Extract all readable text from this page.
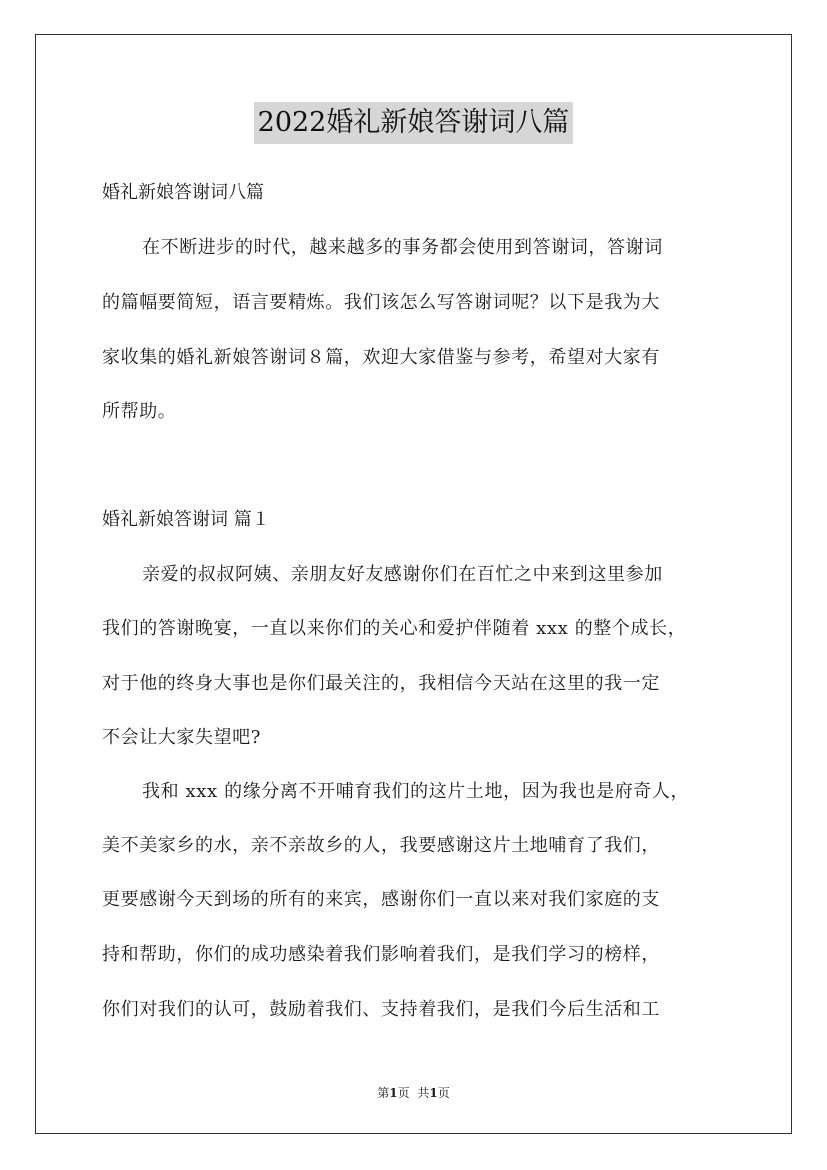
2022婚礼新娘答谢词八篇
婚礼新娘答谢词八篇
在不断进步的时代，越来越多的事务都会使用到答谢词，答谢词
的篇幅要简短，语言要精炼。我们该怎么写答谢词呢？以下是我为大
家收集的婚礼新娘答谢词８篇，欢迎大家借鉴与参考，希望对大家有
所帮助。
婚礼新娘答谢词 篇１
亲爱的叔叔阿姨、亲朋友好友感谢你们在百忙之中来到这里参加
我们的答谢晚宴，一直以来你们的关心和爱护伴随着 xxx 的整个成长，
对于他的终身大事也是你们最关注的，我相信今天站在这里的我一定
不会让大家失望吧?
我和 xxx 的缘分离不开哺育我们的这片土地，因为我也是府奇人，
美不美家乡的水，亲不亲故乡的人，我要感谢这片土地哺育了我们，
更要感谢今天到场的所有的来宾，感谢你们一直以来对我们家庭的支
持和帮助，你们的成功感染着我们影响着我们，是我们学习的榜样，
你们对我们的认可，鼓励着我们、支持着我们，是我们今后生活和工
第1页 共1页
